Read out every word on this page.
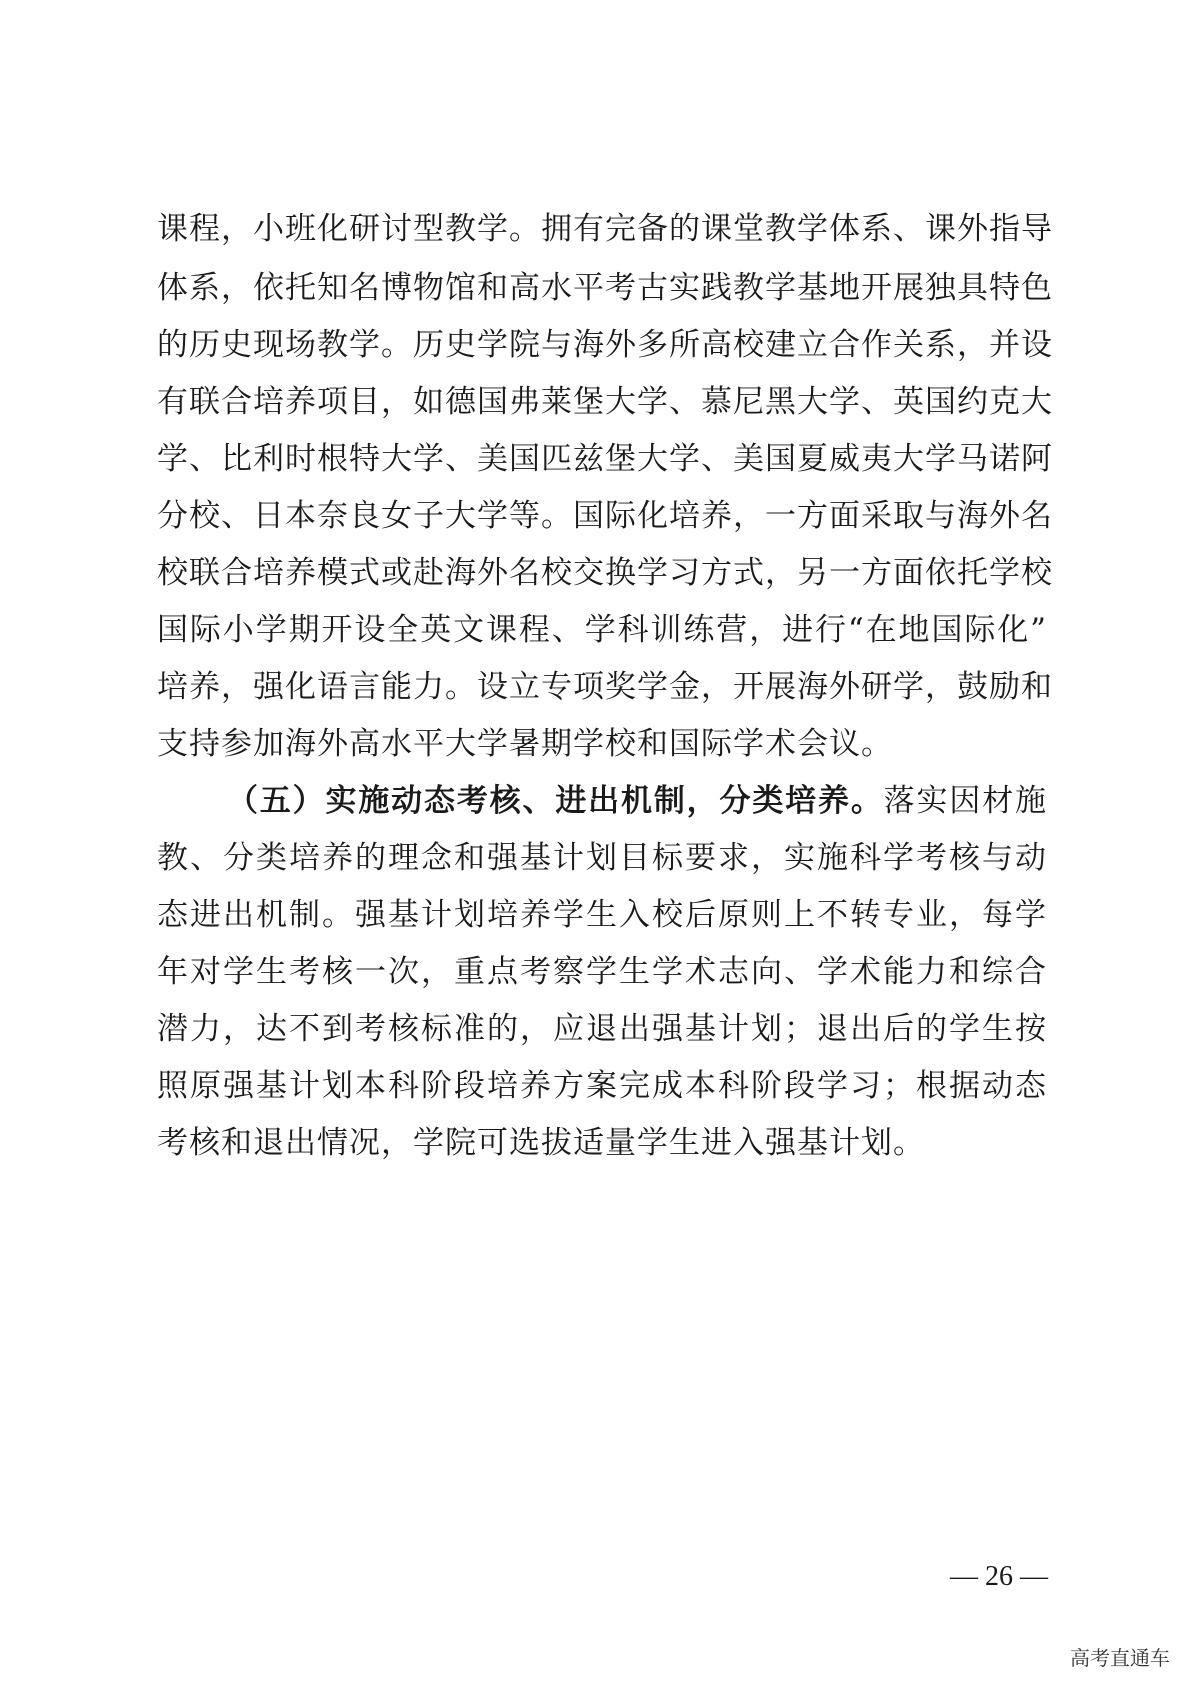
课程，小班化研讨型教学。拥有完备的课堂教学体系、课外指导
体系，依托知名博物馆和高水平考古实践教学基地开展独具特色
的历史现场教学。历史学院与海外多所高校建立合作关系，并设
有联合培养项目，如德国弗莱堡大学、慕尼黑大学、英国约克大
学、比利时根特大学、美国匹兹堡大学、美国夏威夷大学马诺阿
分校、日本奈良女子大学等。国际化培养，一方面采取与海外名
校联合培养模式或赴海外名校交换学习方式，另一方面依托学校
国际小学期开设全英文课程、学科训练营，进行“在地国际化”
培养，强化语言能力。设立专项奖学金，开展海外研学，鼓励和
支持参加海外高水平大学暑期学校和国际学术会议。
（五）实施动态考核、进出机制，分类培养。落实因材施
教、分类培养的理念和强基计划目标要求，实施科学考核与动
态进出机制。强基计划培养学生入校后原则上不转专业，每学
年对学生考核一次，重点考察学生学术志向、学术能力和综合
潜力，达不到考核标准的，应退出强基计划；退出后的学生按
照原强基计划本科阶段培养方案完成本科阶段学习；根据动态
考核和退出情况，学院可选拔适量学生进入强基计划。
— 26 —
高考直通车
